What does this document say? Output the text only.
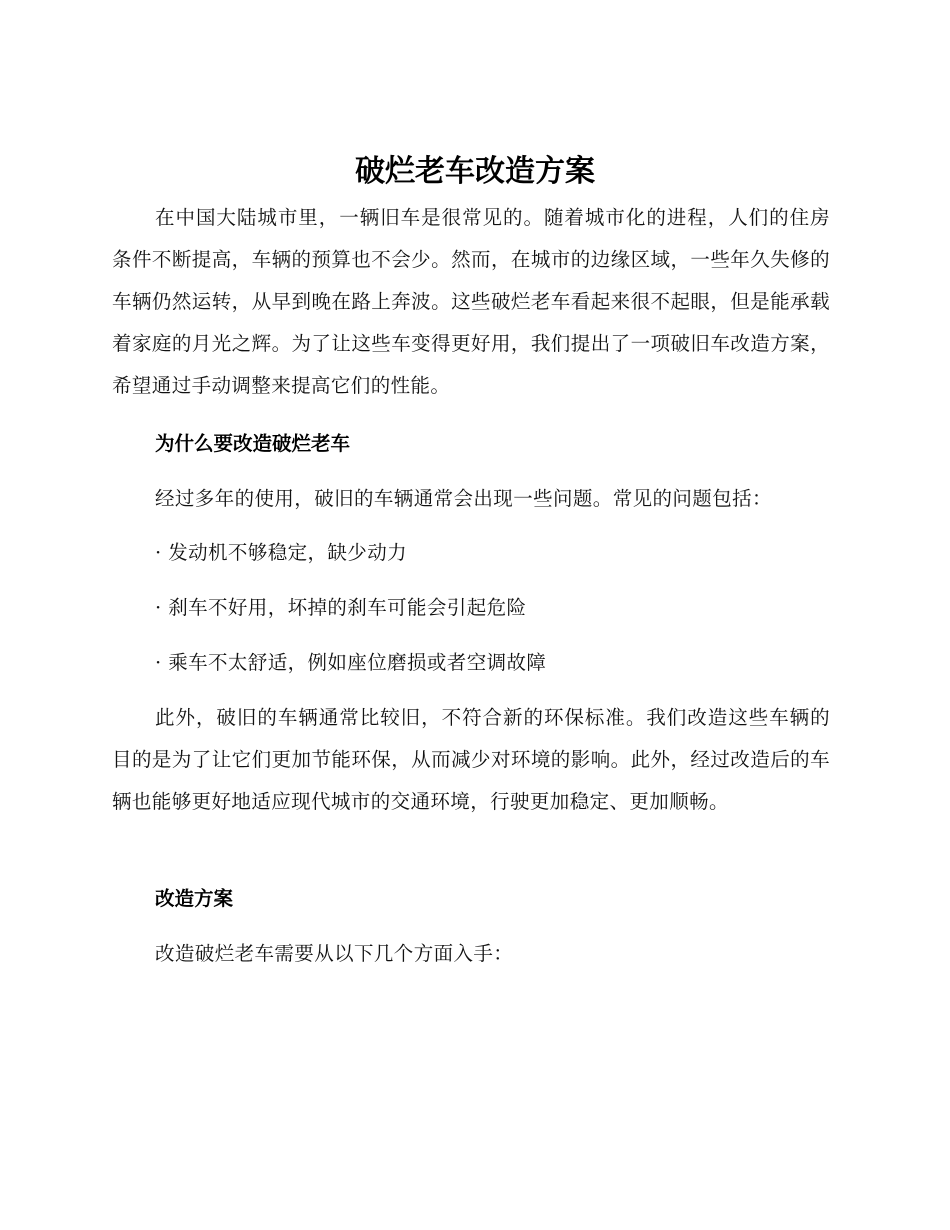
破烂老车改造方案

在中国大陆城市里，一辆旧车是很常见的。随着城市化的进程，人们的住房条件不断提高，车辆的预算也不会少。然而，在城市的边缘区域，一些年久失修的车辆仍然运转，从早到晚在路上奔波。这些破烂老车看起来很不起眼，但是能承载着家庭的月光之辉。为了让这些车变得更好用，我们提出了一项破旧车改造方案，希望通过手动调整来提高它们的性能。

为什么要改造破烂老车

经过多年的使用，破旧的车辆通常会出现一些问题。常见的问题包括：

· 发动机不够稳定，缺少动力

· 刹车不好用，坏掉的刹车可能会引起危险

· 乘车不太舒适，例如座位磨损或者空调故障

此外，破旧的车辆通常比较旧，不符合新的环保标准。我们改造这些车辆的目的是为了让它们更加节能环保，从而减少对环境的影响。此外，经过改造后的车辆也能够更好地适应现代城市的交通环境，行驶更加稳定、更加顺畅。

改造方案

改造破烂老车需要从以下几个方面入手：
